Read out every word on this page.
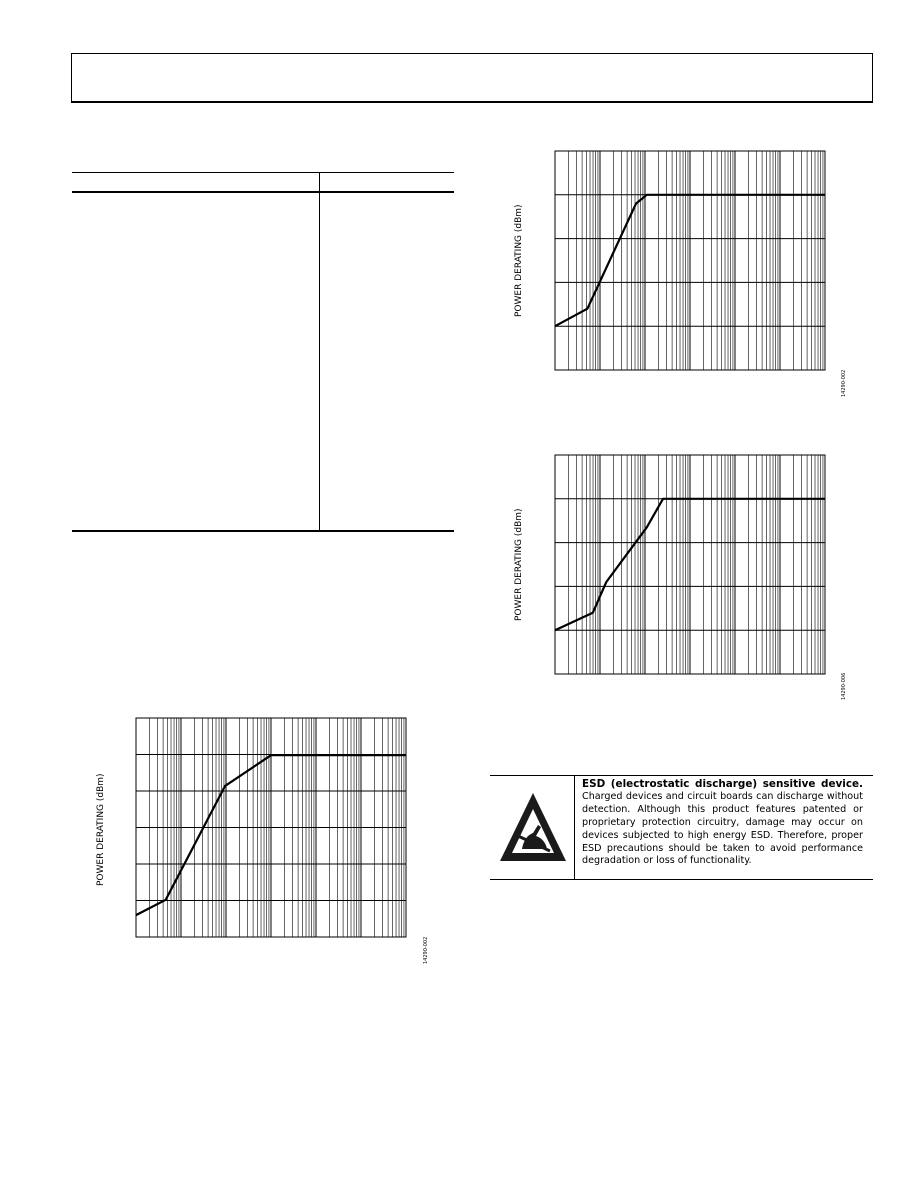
POWER DERATING (dBm)
14290-002
POWER DERATING (dBm)
14290-002
POWER DERATING (dBm)
14290-006
ESD (electrostatic discharge) sensitive device.
Charged devices and circuit boards can discharge without detection. Although this product features patented or proprietary protection circuitry, damage may occur on devices subjected to high energy ESD. Therefore, proper ESD precautions should be taken to avoid performance degradation or loss of functionality.
